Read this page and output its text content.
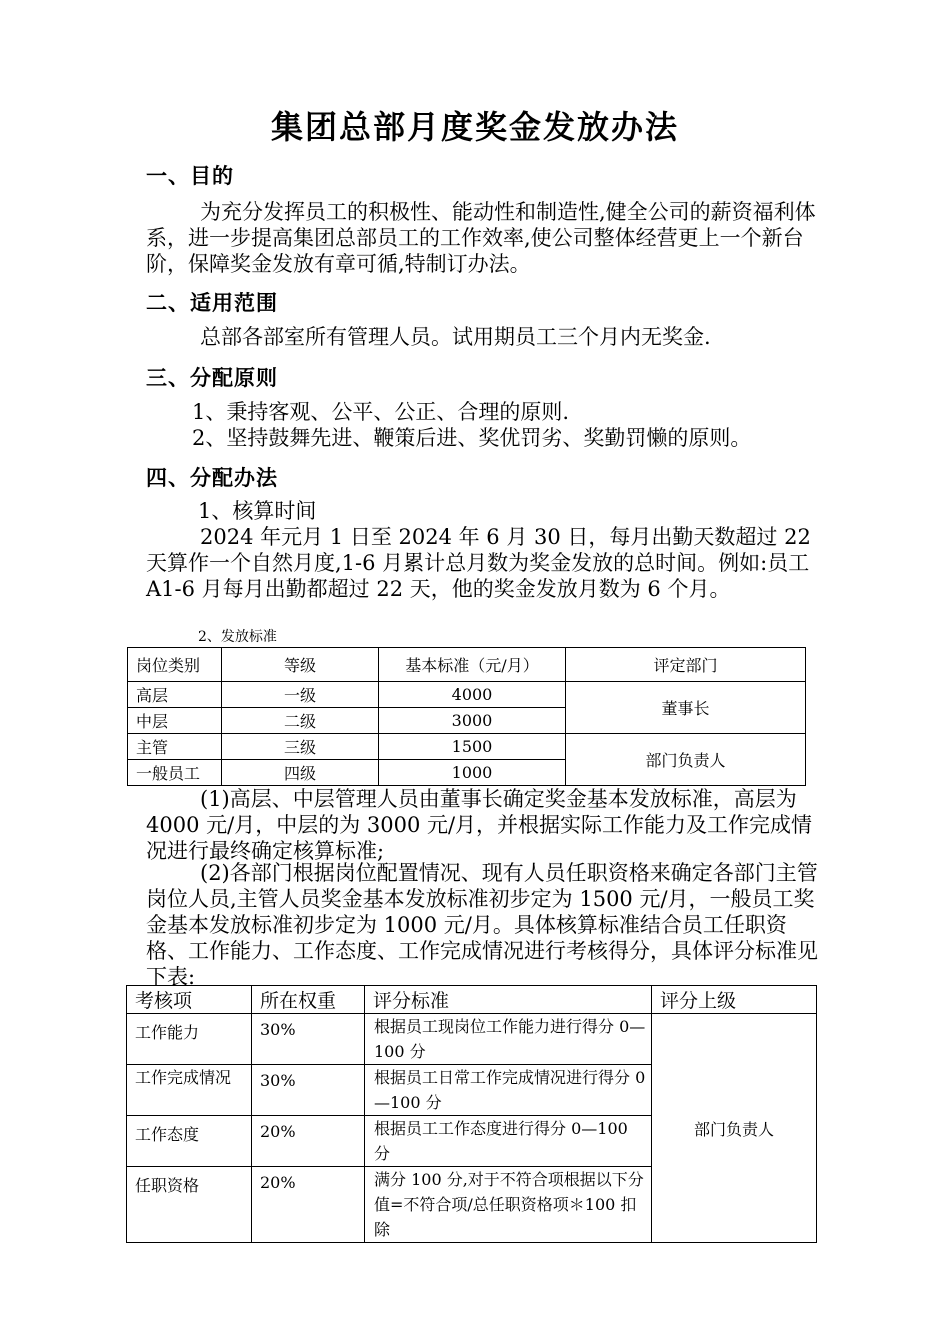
集团总部月度奖金发放办法
一、目的
为充分发挥员工的积极性、能动性和制造性,健全公司的薪资福利体系，进一步提高集团总部员工的工作效率,使公司整体经营更上一个新台阶，保障奖金发放有章可循,特制订办法。
二、适用范围
总部各部室所有管理人员。试用期员工三个月内无奖金.
三、分配原则
1、秉持客观、公平、公正、合理的原则.
2、坚持鼓舞先进、鞭策后进、奖优罚劣、奖勤罚懒的原则。
四、分配办法
1、核算时间
2024 年元月 1 日至 2024 年 6 月 30 日，每月出勤天数超过 22 天算作一个自然月度,1-6 月累计总月数为奖金发放的总时间。例如:员工 A1-6 月每月出勤都超过 22 天，他的奖金发放月数为 6 个月。
2、发放标准
岗位类别	等级	基本标准（元/月）	评定部门
高层	一级	4000	董事长
中层	二级	3000	
主管	三级	1500	部门负责人
一般员工	四级	1000	
(1)高层、中层管理人员由董事长确定奖金基本发放标准，高层为 4000 元/月，中层的为 3000 元/月，并根据实际工作能力及工作完成情况进行最终确定核算标准;
(2)各部门根据岗位配置情况、现有人员任职资格来确定各部门主管岗位人员,主管人员奖金基本发放标准初步定为 1500 元/月，一般员工奖金基本发放标准初步定为 1000 元/月。具体核算标准结合员工任职资格、工作能力、工作态度、工作完成情况进行考核得分，具体评分标准见下表:
考核项	所在权重	评分标准	评分上级
工作能力	30%	根据员工现岗位工作能力进行得分 0—100 分	部门负责人
工作完成情况	30%	根据员工日常工作完成情况进行得分 0—100 分	
工作态度	20%	根据员工工作态度进行得分 0—100 分	
任职资格	20%	满分 100 分,对于不符合项根据以下分值=不符合项/总任职资格项＊100 扣除	
